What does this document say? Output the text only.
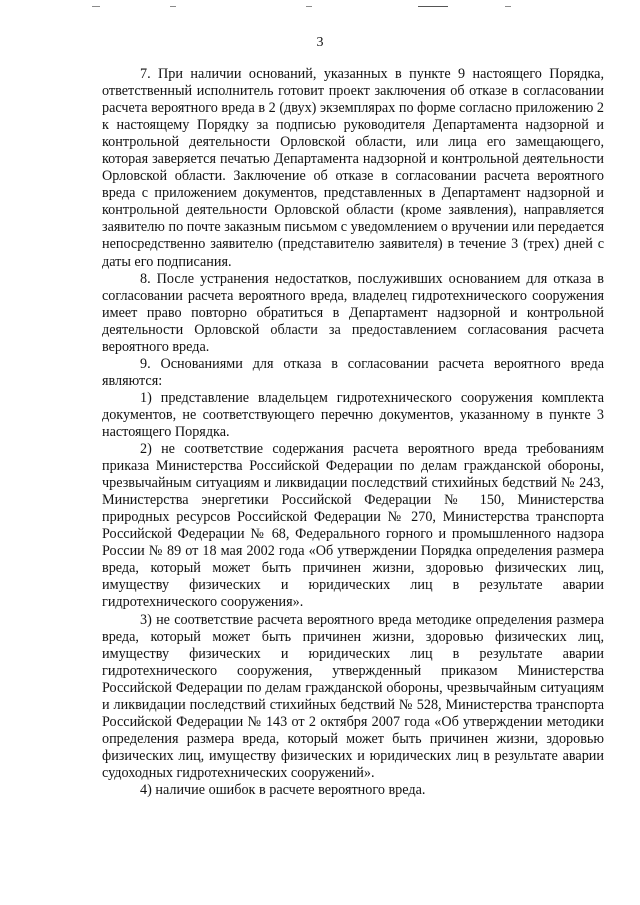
3

7. При наличии оснований, указанных в пункте 9 настоящего Порядка, ответственный исполнитель готовит проект заключения об отказе в согласовании расчета вероятного вреда в 2 (двух) экземплярах по форме согласно приложению 2 к настоящему Порядку за подписью руководителя Департамента надзорной и контрольной деятельности Орловской области, или лица его замещающего, которая заверяется печатью Департамента надзорной и контрольной деятельности Орловской области. Заключение об отказе в согласовании расчета вероятного вреда с приложением документов, представленных в Департамент надзорной и контрольной деятельности Орловской области (кроме заявления), направляется заявителю по почте заказным письмом с уведомлением о вручении или передается непосредственно заявителю (представителю заявителя) в течение 3 (трех) дней с даты его подписания.

8. После устранения недостатков, послуживших основанием для отказа в согласовании расчета вероятного вреда, владелец гидротехнического сооружения имеет право повторно обратиться в Департамент надзорной и контрольной деятельности Орловской области за предоставлением согласования расчета вероятного вреда.

9. Основаниями для отказа в согласовании расчета вероятного вреда являются:

1) представление владельцем гидротехнического сооружения комплекта документов, не соответствующего перечню документов, указанному в пункте 3 настоящего Порядка.

2) не соответствие содержания расчета вероятного вреда требованиям приказа Министерства Российской Федерации по делам гражданской обороны, чрезвычайным ситуациям и ликвидации последствий стихийных бедствий № 243, Министерства энергетики Российской Федерации № 150, Министерства природных ресурсов Российской Федерации № 270, Министерства транспорта Российской Федерации № 68, Федерального горного и промышленного надзора России № 89 от 18 мая 2002 года «Об утверждении Порядка определения размера вреда, который может быть причинен жизни, здоровью физических лиц, имуществу физических и юридических лиц в результате аварии гидротехнического сооружения».

3) не соответствие расчета вероятного вреда методике определения размера вреда, который может быть причинен жизни, здоровью физических лиц, имуществу физических и юридических лиц в результате аварии гидротехнического сооружения, утвержденный приказом Министерства Российской Федерации по делам гражданской обороны, чрезвычайным ситуациям и ликвидации последствий стихийных бедствий № 528, Министерства транспорта Российской Федерации № 143 от 2 октября 2007 года «Об утверждении методики определения размера вреда, который может быть причинен жизни, здоровью физических лиц, имуществу физических и юридических лиц в результате аварии судоходных гидротехнических сооружений».

4) наличие ошибок в расчете вероятного вреда.
